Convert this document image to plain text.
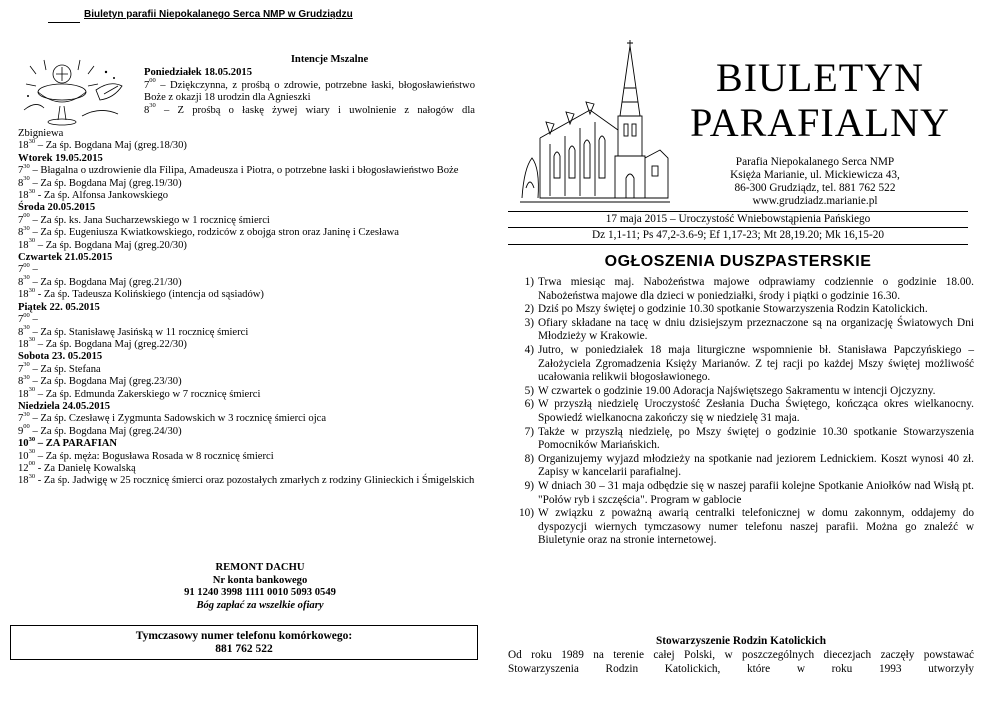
Biuletyn parafii Niepokalanego Serca NMP w Grudziądzu
Intencje Mszalne
Poniedziałek 18.05.2015
$7^{00}$ – Dziękczynna, z prośbą o zdrowie, potrzebne łaski, błogosławieństwo Boże z okazji 18 urodzin dla Agnieszki
$8^{30}$ – Z prośbą o łaskę żywej wiary i uwolnienie z nałogów dla
Zbigniewa
$18^{30}$ – Za śp. Bogdana Maj (greg.18/30)
Wtorek 19.05.2015
$7^{30}$ – Błagalna o uzdrowienie dla Filipa, Amadeusza i Piotra, o potrzebne łaski i błogosławieństwo Boże
$8^{30}$ – Za śp. Bogdana Maj (greg.19/30)
$18^{30}$ - Za śp. Alfonsa Jankowskiego
Środa 20.05.2015
$7^{00}$ – Za śp. ks. Jana Sucharzewskiego w 1 rocznicę śmierci
$8^{30}$ – Za śp. Eugeniusza Kwiatkowskiego, rodziców z obojga stron oraz Janinę i Czesława
$18^{30}$ – Za śp. Bogdana Maj (greg.20/30)
Czwartek 21.05.2015
$7^{00}$ –
$8^{30}$ – Za śp. Bogdana Maj (greg.21/30)
$18^{30}$ - Za śp. Tadeusza Kolińskiego (intencja od sąsiadów)
Piątek 22. 05.2015
$7^{00}$ –
$8^{30}$ – Za śp. Stanisławę Jasińską w 11 rocznicę śmierci
$18^{30}$ – Za śp. Bogdana Maj (greg.22/30)
Sobota 23. 05.2015
$7^{30}$ – Za śp. Stefana
$8^{30}$ – Za śp. Bogdana Maj (greg.23/30)
$18^{30}$ – Za śp. Edmunda Zakerskiego w 7 rocznicę śmierci
Niedziela 24.05.2015
$7^{30}$ – Za śp. Czesławę i Zygmunta Sadowskich w 3 rocznicę śmierci ojca
$9^{00}$ – Za śp. Bogdana Maj (greg.24/30)
$10^{30}$ – ZA PARAFIAN
$10^{30}$ – Za śp. męża: Bogusława Rosada w 8 rocznicę śmierci
$12^{00}$ - Za Danielę Kowalską
$18^{30}$ - Za śp. Jadwigę w 25 rocznicę śmierci oraz pozostałych zmarłych z rodziny Glinieckich i Śmigelskich
REMONT DACHU
Nr konta bankowego
91 1240 3998 1111 0010 5093 0549
Bóg zapłać za wszelkie ofiary
Tymczasowy numer telefonu komórkowego:
881 762 522
BIULETYN
PARAFIALNY
Parafia Niepokalanego Serca NMP
Księża Marianie, ul. Mickiewicza 43,
86-300 Grudziądz, tel. 881 762 522
www.grudziadz.marianie.pl
17 maja 2015 – Uroczystość Wniebowstąpienia Pańskiego
Dz 1,1-11; Ps 47,2-3.6-9; Ef 1,17-23; Mt 28,19.20; Mk 16,15-20
OGŁOSZENIA DUSZPASTERSKIE
1) Trwa miesiąc maj. Nabożeństwa majowe odprawiamy codziennie o godzinie 18.00. Nabożeństwa majowe dla dzieci w poniedziałki, środy i piątki o godzinie 16.30.
2) Dziś po Mszy świętej o godzinie 10.30 spotkanie Stowarzyszenia Rodzin Katolickich.
3) Ofiary składane na tacę w dniu dzisiejszym przeznaczone są na organizację Światowych Dni Młodzieży w Krakowie.
4) Jutro, w poniedziałek 18 maja liturgiczne wspomnienie bł. Stanisława Papczyńskiego – Założyciela Zgromadzenia Księży Marianów. Z tej racji po każdej Mszy świętej możliwość ucałowania relikwii błogosławionego.
5) W czwartek o godzinie 19.00 Adoracja Najświętszego Sakramentu w intencji Ojczyzny.
6) W przyszłą niedzielę Uroczystość Zesłania Ducha Świętego, kończąca okres wielkanocny. Spowiedź wielkanocna zakończy się w niedzielę 31 maja.
7) Także w przyszłą niedzielę, po Mszy świętej o godzinie 10.30 spotkanie Stowarzyszenia Pomocników Mariańskich.
8) Organizujemy wyjazd młodzieży na spotkanie nad jeziorem Lednickiem. Koszt wynosi 40 zł. Zapisy w kancelarii parafialnej.
9) W dniach 30 – 31 maja odbędzie się w naszej parafii kolejne Spotkanie Aniołków nad Wisłą pt. "Połów ryb i szczęścia". Program w gablocie
10) W związku z poważną awarią centralki telefonicznej w domu zakonnym, oddajemy do dyspozycji wiernych tymczasowy numer telefonu naszej parafii. Można go znaleźć w Biuletynie oraz na stronie internetowej.
Stowarzyszenie Rodzin Katolickich
Od roku 1989 na terenie całej Polski, w poszczególnych diecezjach zaczęły powstawać Stowarzyszenia Rodzin Katolickich, które w roku 1993 utworzyły
